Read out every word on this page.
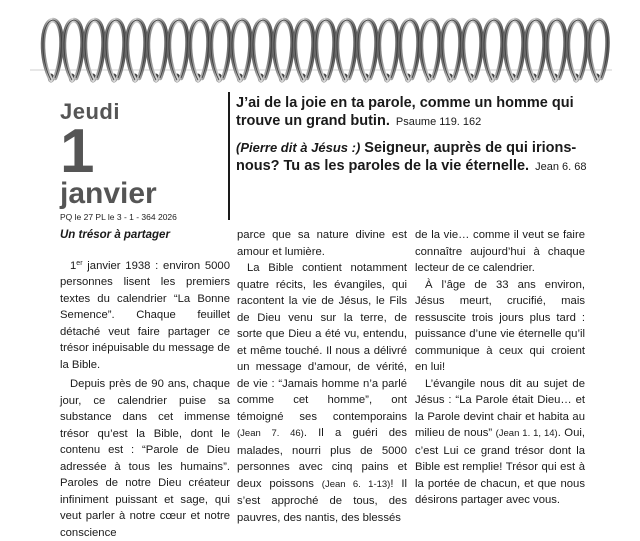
Jeudi
1
janvier
PQ le 27 PL le 3 - 1 - 364 2026

J’ai de la joie en ta parole, comme un homme qui trouve un grand butin. Psaume 119. 162

(Pierre dit à Jésus :) Seigneur, auprès de qui irions-nous? Tu as les paroles de la vie éternelle. Jean 6. 68

Un trésor à partager

1er janvier 1938 : environ 5000 personnes lisent les premiers textes du calendrier “La Bonne Semence”. Chaque feuillet détaché veut faire partager ce trésor inépuisable du message de la Bible.

Depuis près de 90 ans, chaque jour, ce calendrier puise sa substance dans cet immense trésor qu’est la Bible, dont le contenu est : “Parole de Dieu adressée à tous les humains”. Paroles de notre Dieu créateur infiniment puissant et sage, qui veut parler à notre cœur et notre conscience

parce que sa nature divine est amour et lumière.

La Bible contient notamment quatre récits, les évangiles, qui racontent la vie de Jésus, le Fils de Dieu venu sur la terre, de sorte que Dieu a été vu, entendu, et même touché. Il nous a délivré un message d’amour, de vérité, de vie : “Jamais homme n’a parlé comme cet homme”, ont témoigné ses contemporains (Jean 7. 46). Il a guéri des malades, nourri plus de 5000 personnes avec cinq pains et deux poissons (Jean 6. 1-13)! Il s’est approché de tous, des pauvres, des nantis, des blessés

de la vie… comme il veut se faire connaître aujourd’hui à chaque lecteur de ce calendrier.

À l’âge de 33 ans environ, Jésus meurt, crucifié, mais ressuscite trois jours plus tard : puissance d’une vie éternelle qu’il communique à ceux qui croient en lui!

L’évangile nous dit au sujet de Jésus : “La Parole était Dieu… et la Parole devint chair et habita au milieu de nous” (Jean 1. 1, 14). Oui, c’est Lui ce grand trésor dont la Bible est remplie! Trésor qui est à la portée de chacun, et que nous désirons partager avec vous.
